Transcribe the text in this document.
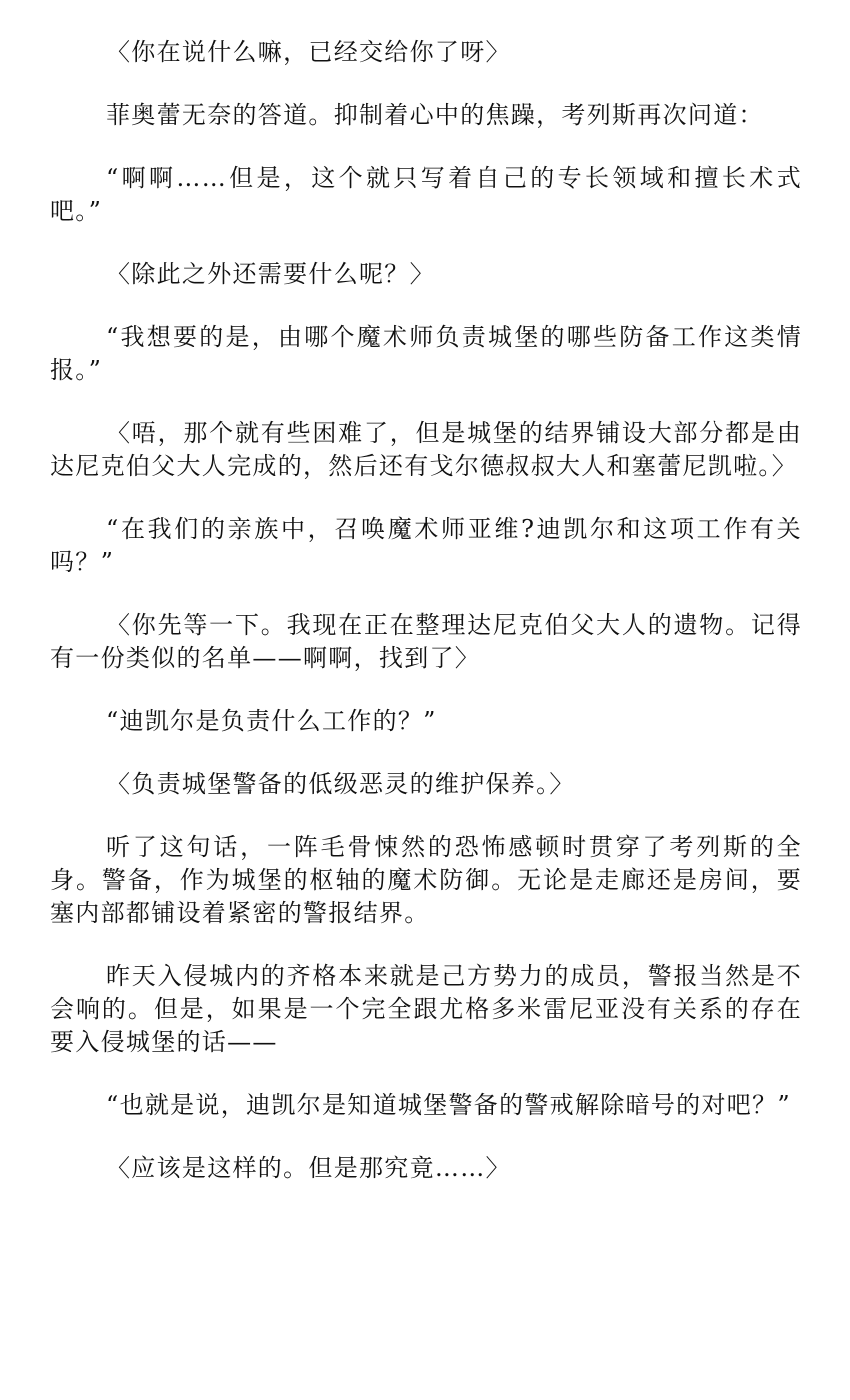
〈你在说什么嘛，已经交给你了呀〉

菲奥蕾无奈的答道。抑制着心中的焦躁，考列斯再次问道：

“啊啊……但是，这个就只写着自己的专长领域和擅长术式吧。”

〈除此之外还需要什么呢？〉

“我想要的是，由哪个魔术师负责城堡的哪些防备工作这类情报。”

〈唔，那个就有些困难了，但是城堡的结界铺设大部分都是由达尼克伯父大人完成的，然后还有戈尔德叔叔大人和塞蕾尼凯啦。〉

“在我们的亲族中，召唤魔术师亚维?迪凯尔和这项工作有关吗？”

〈你先等一下。我现在正在整理达尼克伯父大人的遗物。记得有一份类似的名单——啊啊，找到了〉

“迪凯尔是负责什么工作的？”

〈负责城堡警备的低级恶灵的维护保养。〉

听了这句话，一阵毛骨悚然的恐怖感顿时贯穿了考列斯的全身。警备，作为城堡的枢轴的魔术防御。无论是走廊还是房间，要塞内部都铺设着紧密的警报结界。

昨天入侵城内的齐格本来就是己方势力的成员，警报当然是不会响的。但是，如果是一个完全跟尤格多米雷尼亚没有关系的存在要入侵城堡的话——

“也就是说，迪凯尔是知道城堡警备的警戒解除暗号的对吧？”

〈应该是这样的。但是那究竟……〉
